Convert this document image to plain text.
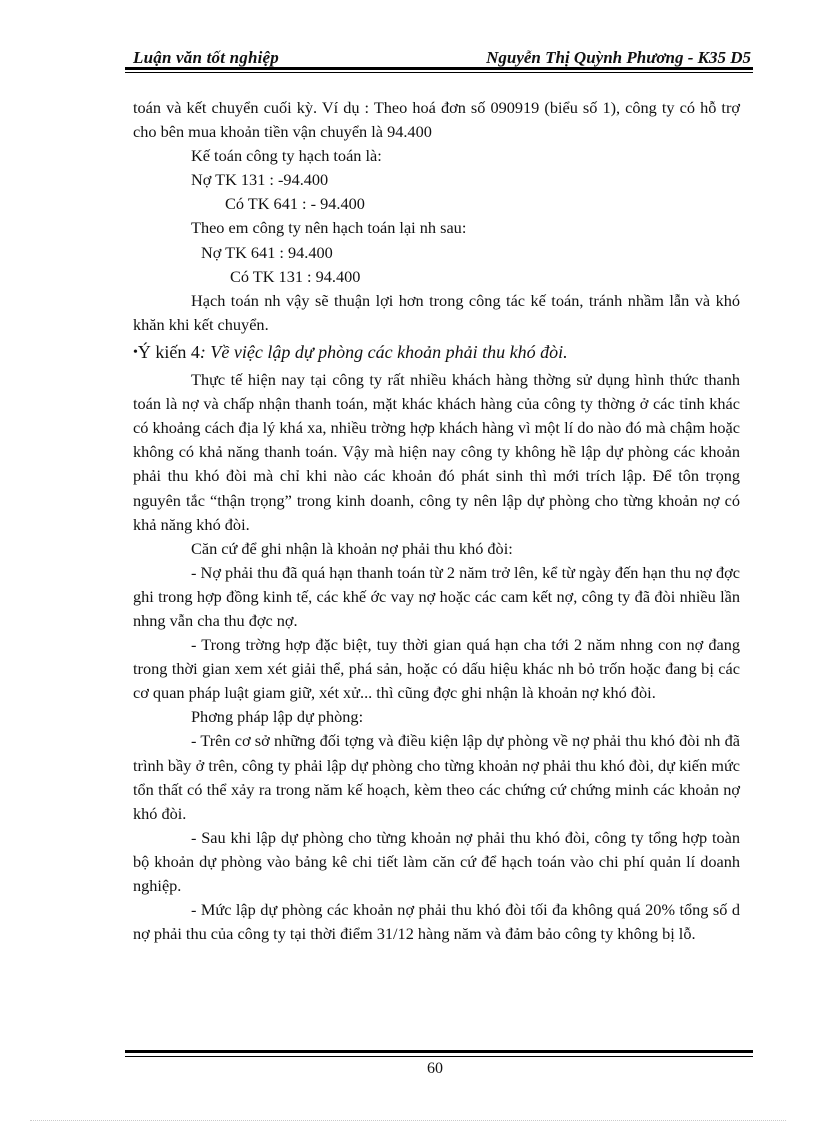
Luận văn tốt nghiệp	Nguyễn Thị Quỳnh Phương - K35 D5

toán và kết chuyển cuối kỳ. Ví dụ : Theo hoá đơn số 090919 (biểu số 1), công ty có hỗ trợ cho bên mua khoản tiền vận chuyển là 94.400

Kế toán công ty hạch toán là:

Nợ TK 131 : -94.400

Có TK 641 : - 94.400

Theo em công ty nên hạch toán lại nh sau:

Nợ TK 641 : 94.400

Có TK 131 : 94.400

Hạch toán nh vậy sẽ thuận lợi hơn trong công tác kế toán, tránh nhầm lẫn và khó khăn khi kết chuyển.

•Ý kiến 4: Về việc lập dự phòng các khoản phải thu khó đòi.

Thực tế hiện nay tại công ty rất nhiều khách hàng thờng sử dụng hình thức thanh toán là nợ và chấp nhận thanh toán, mặt khác khách hàng của công ty thờng ở các tỉnh khác có khoảng cách địa lý khá xa, nhiều trờng hợp khách hàng vì một lí do nào đó mà chậm hoặc không có khả năng thanh toán. Vậy mà hiện nay công ty không hề lập dự phòng các khoản phải thu khó đòi mà chỉ khi nào các khoản đó phát sinh thì mới trích lập. Để tôn trọng nguyên tắc “thận trọng” trong kinh doanh, công ty nên lập dự phòng cho từng khoản nợ có khả năng khó đòi.

Căn cứ để ghi nhận là khoản nợ phải thu khó đòi:

- Nợ phải thu đã quá hạn thanh toán từ 2 năm trở lên, kể từ ngày đến hạn thu nợ đợc ghi trong hợp đồng kinh tế, các khế ớc vay nợ hoặc các cam kết nợ, công ty đã đòi nhiều lần nhng vẫn cha thu đợc nợ.

- Trong trờng hợp đặc biệt, tuy thời gian quá hạn cha tới 2 năm nhng con nợ đang trong thời gian xem xét giải thể, phá sản, hoặc có dấu hiệu khác nh bỏ trốn hoặc đang bị các cơ quan pháp luật giam giữ, xét xử... thì cũng đợc ghi nhận là khoản nợ khó đòi.

Phơng pháp lập dự phòng:

- Trên cơ sở những đối tợng và điều kiện lập dự phòng về nợ phải thu khó đòi nh đã trình bầy ở trên, công ty phải lập dự phòng cho từng khoản nợ phải thu khó đòi, dự kiến mức tổn thất có thể xảy ra trong năm kế hoạch, kèm theo các chứng cứ chứng minh các khoản nợ khó đòi.

- Sau khi lập dự phòng cho từng khoản nợ phải thu khó đòi, công ty tổng hợp toàn bộ khoản dự phòng vào bảng kê chi tiết làm căn cứ để hạch toán vào chi phí quản lí doanh nghiệp.

- Mức lập dự phòng các khoản nợ phải thu khó đòi tối đa không quá 20% tổng số d nợ phải thu của công ty tại thời điểm 31/12 hàng năm và đảm bảo công ty không bị lỗ.

60
